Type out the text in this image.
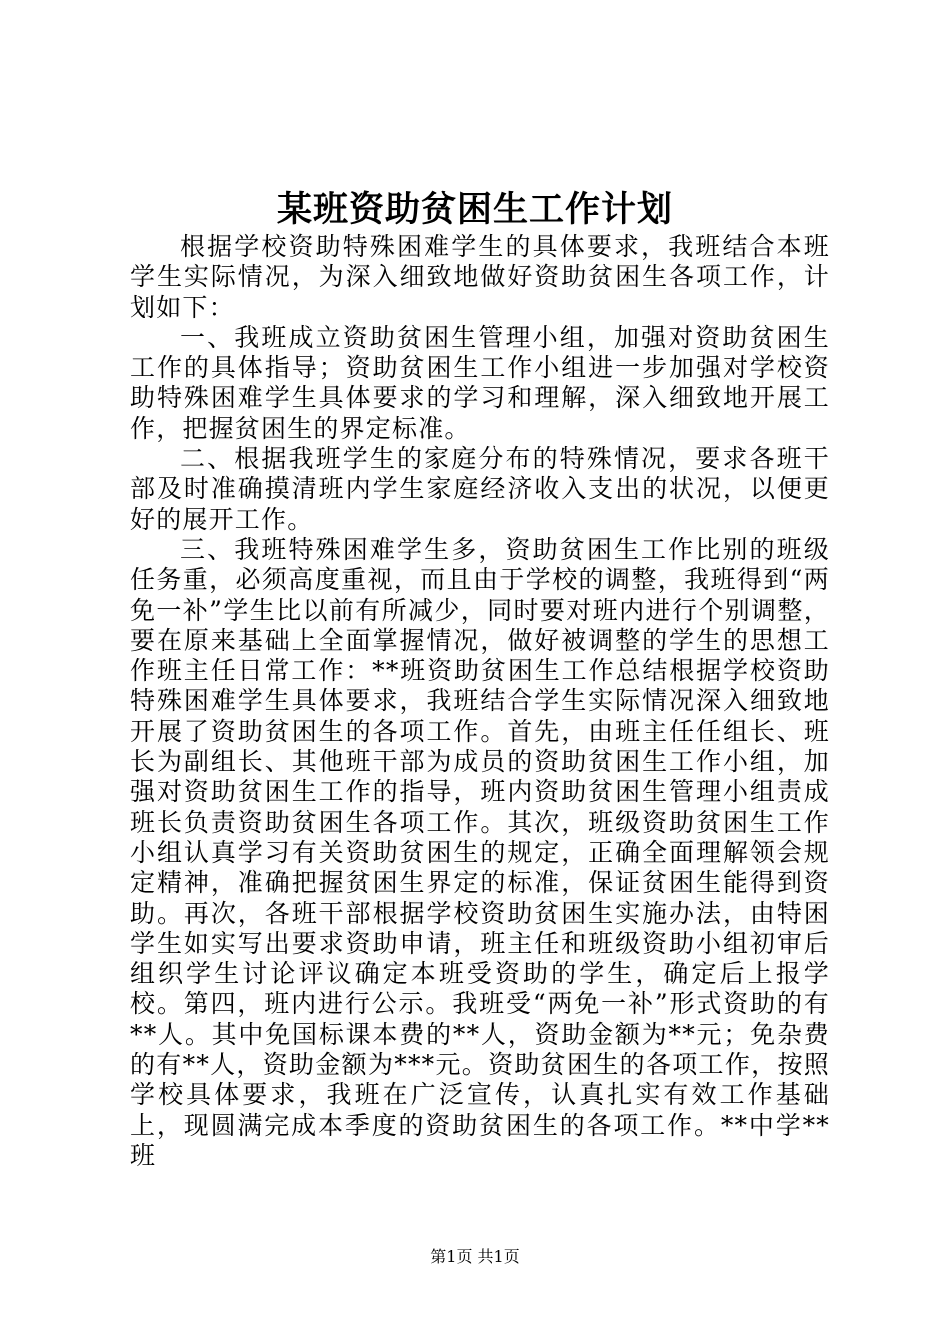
某班资助贫困生工作计划

根据学校资助特殊困难学生的具体要求，我班结合本班学生实际情况，为深入细致地做好资助贫困生各项工作，计划如下：

一、我班成立资助贫困生管理小组，加强对资助贫困生工作的具体指导；资助贫困生工作小组进一步加强对学校资助特殊困难学生具体要求的学习和理解，深入细致地开展工作，把握贫困生的界定标准。

二、根据我班学生的家庭分布的特殊情况，要求各班干部及时准确摸清班内学生家庭经济收入支出的状况，以便更好的展开工作。

三、我班特殊困难学生多，资助贫困生工作比别的班级任务重，必须高度重视，而且由于学校的调整，我班得到“两免一补”学生比以前有所减少，同时要对班内进行个别调整，要在原来基础上全面掌握情况，做好被调整的学生的思想工作班主任日常工作：**班资助贫困生工作总结根据学校资助特殊困难学生具体要求，我班结合学生实际情况深入细致地开展了资助贫困生的各项工作。首先，由班主任任组长、班长为副组长、其他班干部为成员的资助贫困生工作小组，加强对资助贫困生工作的指导，班内资助贫困生管理小组责成班长负责资助贫困生各项工作。其次，班级资助贫困生工作小组认真学习有关资助贫困生的规定，正确全面理解领会规定精神，准确把握贫困生界定的标准，保证贫困生能得到资助。再次，各班干部根据学校资助贫困生实施办法，由特困学生如实写出要求资助申请，班主任和班级资助小组初审后组织学生讨论评议确定本班受资助的学生，确定后上报学校。第四，班内进行公示。我班受“两免一补”形式资助的有**人。其中免国标课本费的**人，资助金额为**元；免杂费的有**人，资助金额为***元。资助贫困生的各项工作，按照学校具体要求，我班在广泛宣传，认真扎实有效工作基础上，现圆满完成本季度的资助贫困生的各项工作。**中学**班

第1页 共1页
